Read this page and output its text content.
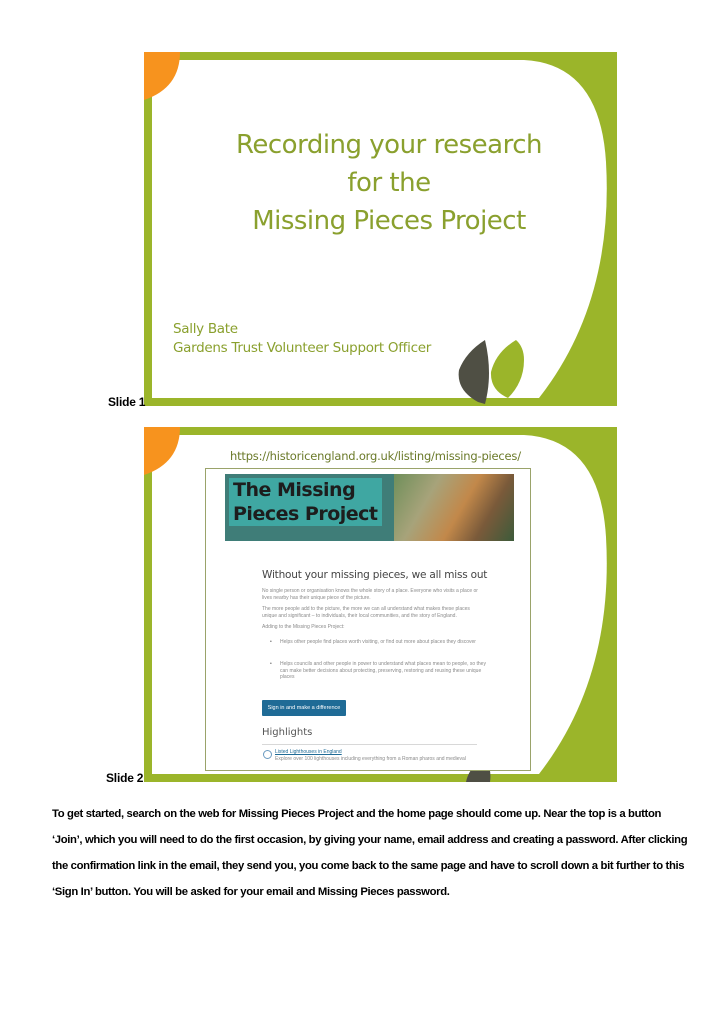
Recording your research
for the
Missing Pieces Project
Sally Bate
Gardens Trust Volunteer Support Officer
Slide 1
https://historicengland.org.uk/listing/missing-pieces/
The Missing
Pieces Project
Without your missing pieces, we all miss out
No single person or organisation knows the whole story of a place. Everyone who visits a place or lives nearby has their unique piece of the picture.
The more people add to the picture, the more we can all understand what makes these places unique and significant – to individuals, their local communities, and the story of England.
Adding to the Missing Pieces Project:
• Helps other people find places worth visiting, or find out more about places they discover
• Helps councils and other people in power to understand what places mean to people, so they can make better decisions about protecting, preserving, restoring and reusing these unique places
Sign in and make a difference
Highlights
Listed Lighthouses in England
Explore over 100 lighthouses including everything from a Roman pharos and medieval
Slide 2
To get started, search on the web for Missing Pieces Project and the home page should come up. Near the top is a button ‘Join’, which you will need to do the first occasion, by giving your name, email address and creating a password. After clicking the confirmation link in the email, they send you, you come back to the same page and have to scroll down a bit further to this ‘Sign In’ button. You will be asked for your email and Missing Pieces password.
